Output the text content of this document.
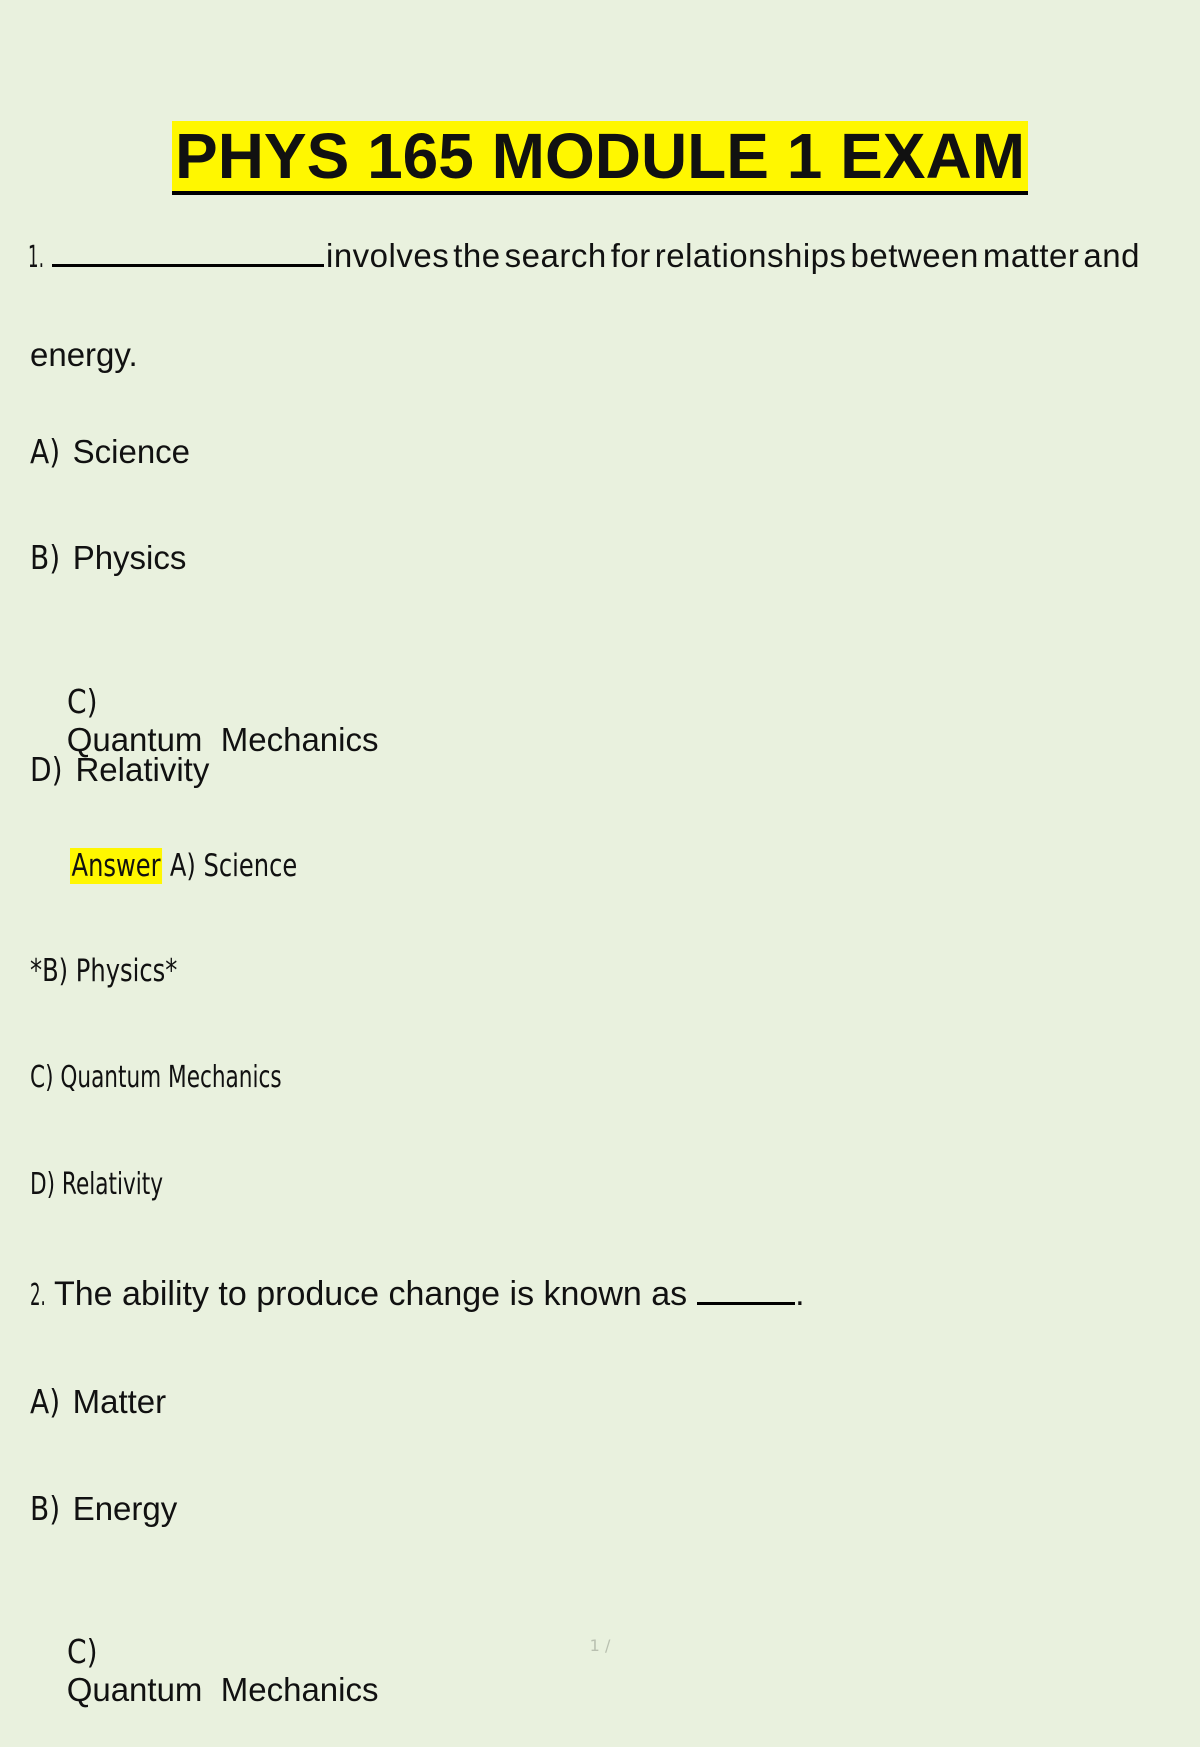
PHYS 165 MODULE 1 EXAM
1.	involves the search for relationships between matter and
energy.
A) Science
B) Physics

C)
Quantum  Mechanics

D) Relativity
Answer A) Science
*B) Physics*
C) Quantum Mechanics
D) Relativity
2. The ability to produce change is known as	.
A) Matter
B) Energy

C)
Quantum  Mechanics

1 /
